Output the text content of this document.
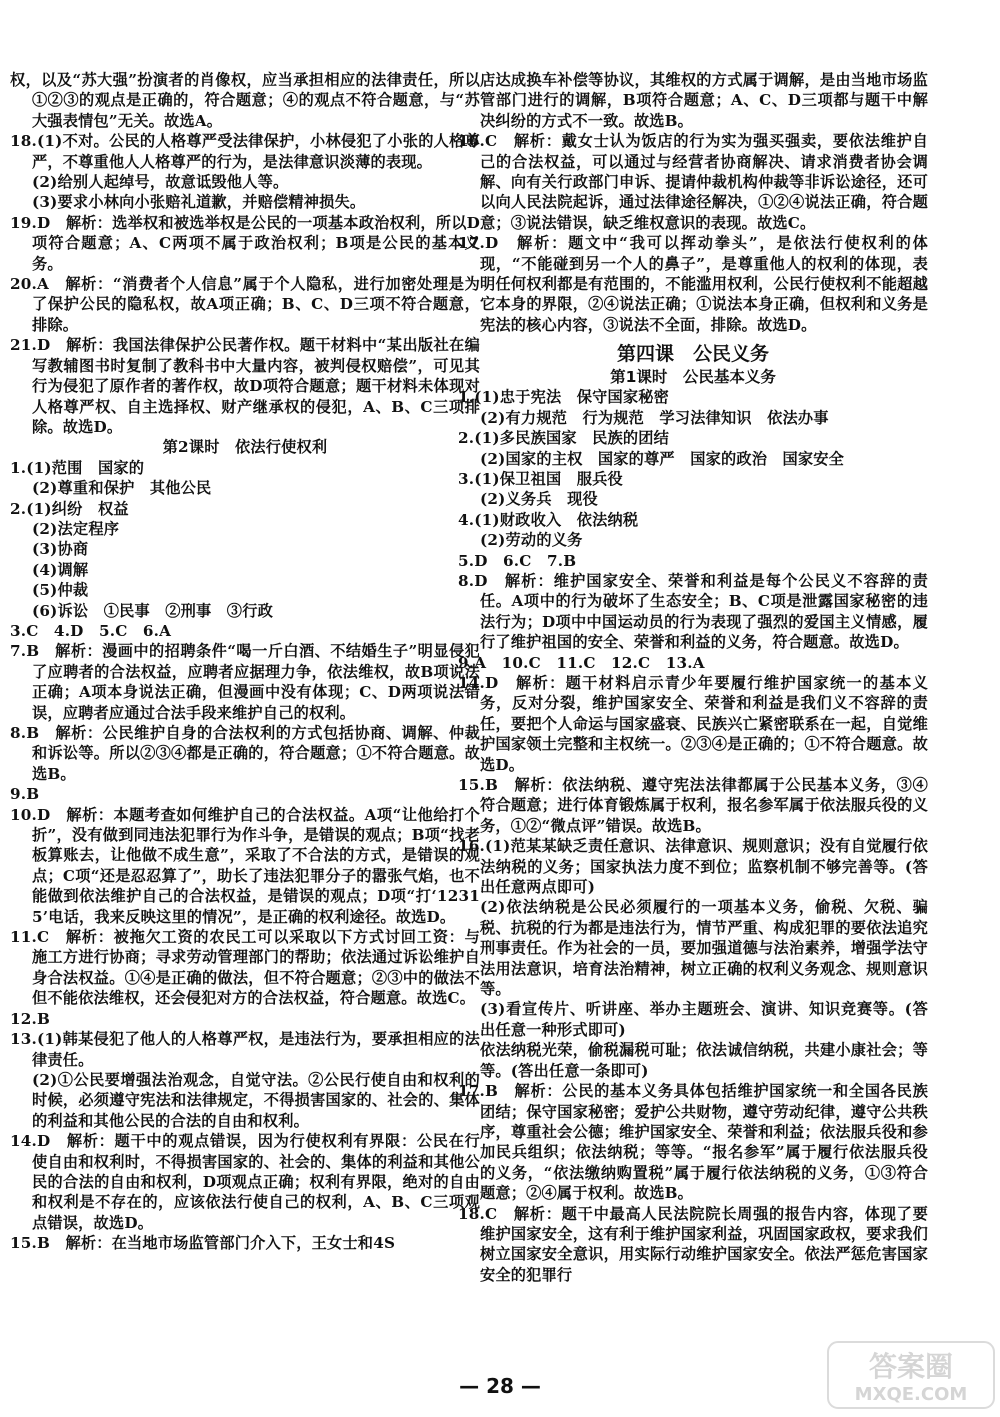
权，以及“苏大强”扮演者的肖像权，应当承担相应的法律责任，所以①②③的观点是正确的，符合题意；④的观点不符合题意，与“苏大强表情包”无关。故选A。

18.(1)不对。公民的人格尊严受法律保护，小林侵犯了小张的人格尊严，不尊重他人人格尊严的行为，是法律意识淡薄的表现。

(2)给别人起绰号，故意诋毁他人等。

(3)要求小林向小张赔礼道歉，并赔偿精神损失。

19.D　解析：选举权和被选举权是公民的一项基本政治权利，所以D项符合题意；A、C两项不属于政治权利；B项是公民的基本义务。

20.A　解析：“消费者个人信息”属于个人隐私，进行加密处理是为了保护公民的隐私权，故A项正确；B、C、D三项不符合题意，排除。

21.D　解析：我国法律保护公民著作权。题干材料中“某出版社在编写教辅图书时复制了教科书中大量内容，被判侵权赔偿”，可见其行为侵犯了原作者的著作权，故D项符合题意；题干材料未体现对人格尊严权、自主选择权、财产继承权的侵犯，A、B、C三项排除。故选D。

第2课时　依法行使权利

1.(1)范围　国家的

(2)尊重和保护　其他公民

2.(1)纠纷　权益

(2)法定程序

(3)协商

(4)调解

(5)仲裁

(6)诉讼　①民事　②刑事　③行政

3.C　4.D　5.C　6.A

7.B　解析：漫画中的招聘条件“喝一斤白酒、不结婚生子”明显侵犯了应聘者的合法权益，应聘者应据理力争，依法维权，故B项说法正确；A项本身说法正确，但漫画中没有体现；C、D两项说法错误，应聘者应通过合法手段来维护自己的权利。

8.B　解析：公民维护自身的合法权利的方式包括协商、调解、仲裁和诉讼等。所以②③④都是正确的，符合题意；①不符合题意。故选B。

9.B

10.D　解析：本题考查如何维护自己的合法权益。A项“让他给打个折”，没有做到同违法犯罪行为作斗争，是错误的观点；B项“找老板算账去，让他做不成生意”，采取了不合法的方式，是错误的观点；C项“还是忍忍算了”，助长了违法犯罪分子的嚣张气焰，也不能做到依法维护自己的合法权益，是错误的观点；D项“打‘12315’电话，我来反映这里的情况”，是正确的权利途径。故选D。

11.C　解析：被拖欠工资的农民工可以采取以下方式讨回工资：与施工方进行协商；寻求劳动管理部门的帮助；依法通过诉讼维护自身合法权益。①④是正确的做法，但不符合题意；②③中的做法不但不能依法维权，还会侵犯对方的合法权益，符合题意。故选C。

12.B

13.(1)韩某侵犯了他人的人格尊严权，是违法行为，要承担相应的法律责任。

(2)①公民要增强法治观念，自觉守法。②公民行使自由和权利的时候，必须遵守宪法和法律规定，不得损害国家的、社会的、集体的利益和其他公民的合法的自由和权利。

14.D　解析：题干中的观点错误，因为行使权利有界限：公民在行使自由和权利时，不得损害国家的、社会的、集体的利益和其他公民的合法的自由和权利，D项观点正确；权利有界限，绝对的自由和权利是不存在的，应该依法行使自己的权利，A、B、C三项观点错误，故选D。

15.B　解析：在当地市场监管部门介入下，王女士和4S

店达成换车补偿等协议，其维权的方式属于调解，是由当地市场监管部门进行的调解，B项符合题意；A、C、D三项都与题干中解决纠纷的方式不一致。故选B。

16.C　解析：戴女士认为饭店的行为实为强买强卖，要依法维护自己的合法权益，可以通过与经营者协商解决、请求消费者协会调解、向有关行政部门申诉、提请仲裁机构仲裁等非诉讼途径，还可以向人民法院起诉，通过法律途径解决，①②④说法正确，符合题意；③说法错误，缺乏维权意识的表现。故选C。

17.D　解析：题文中“我可以挥动拳头”，是依法行使权利的体现，“不能碰到另一个人的鼻子”，是尊重他人的权利的体现，表明任何权利都是有范围的，不能滥用权利，公民行使权利不能超越它本身的界限，②④说法正确；①说法本身正确，但权利和义务是宪法的核心内容，③说法不全面，排除。故选D。

第四课　公民义务

第1课时　公民基本义务

1.(1)忠于宪法　保守国家秘密

(2)有力规范　行为规范　学习法律知识　依法办事

2.(1)多民族国家　民族的团结

(2)国家的主权　国家的尊严　国家的政治　国家安全

3.(1)保卫祖国　服兵役

(2)义务兵　现役

4.(1)财政收入　依法纳税

(2)劳动的义务

5.D　6.C　7.B

8.D　解析：维护国家安全、荣誉和利益是每个公民义不容辞的责任。A项中的行为破坏了生态安全；B、C项是泄露国家秘密的违法行为；D项中中国运动员的行为表现了强烈的爱国主义情感，履行了维护祖国的安全、荣誉和利益的义务，符合题意。故选D。

9.A　10.C　11.C　12.C　13.A

14.D　解析：题干材料启示青少年要履行维护国家统一的基本义务，反对分裂，维护国家安全、荣誉和利益是我们义不容辞的责任，要把个人命运与国家盛衰、民族兴亡紧密联系在一起，自觉维护国家领土完整和主权统一。②③④是正确的；①不符合题意。故选D。

15.B　解析：依法纳税、遵守宪法法律都属于公民基本义务，③④符合题意；进行体育锻炼属于权利，报名参军属于依法服兵役的义务，①②“微点评”错误。故选B。

16.(1)范某某缺乏责任意识、法律意识、规则意识；没有自觉履行依法纳税的义务；国家执法力度不到位；监察机制不够完善等。(答出任意两点即可)

(2)依法纳税是公民必须履行的一项基本义务，偷税、欠税、骗税、抗税的行为都是违法行为，情节严重、构成犯罪的要依法追究刑事责任。作为社会的一员，要加强道德与法治素养，增强学法守法用法意识，培育法治精神，树立正确的权利义务观念、规则意识等。

(3)看宣传片、听讲座、举办主题班会、演讲、知识竞赛等。(答出任意一种形式即可)

依法纳税光荣，偷税漏税可耻；依法诚信纳税，共建小康社会；等等。(答出任意一条即可)

17.B　解析：公民的基本义务具体包括维护国家统一和全国各民族团结；保守国家秘密；爱护公共财物，遵守劳动纪律，遵守公共秩序，尊重社会公德；维护国家安全、荣誉和利益；依法服兵役和参加民兵组织；依法纳税；等等。“报名参军”属于履行依法服兵役的义务，“依法缴纳购置税”属于履行依法纳税的义务，①③符合题意；②④属于权利。故选B。

18.C　解析：题干中最高人民法院院长周强的报告内容，体现了要维护国家安全，这有利于维护国家利益，巩固国家政权，要求我们树立国家安全意识，用实际行动维护国家安全。依法严惩危害国家安全的犯罪行

— 28 —
答案圈
MXQE.COM
